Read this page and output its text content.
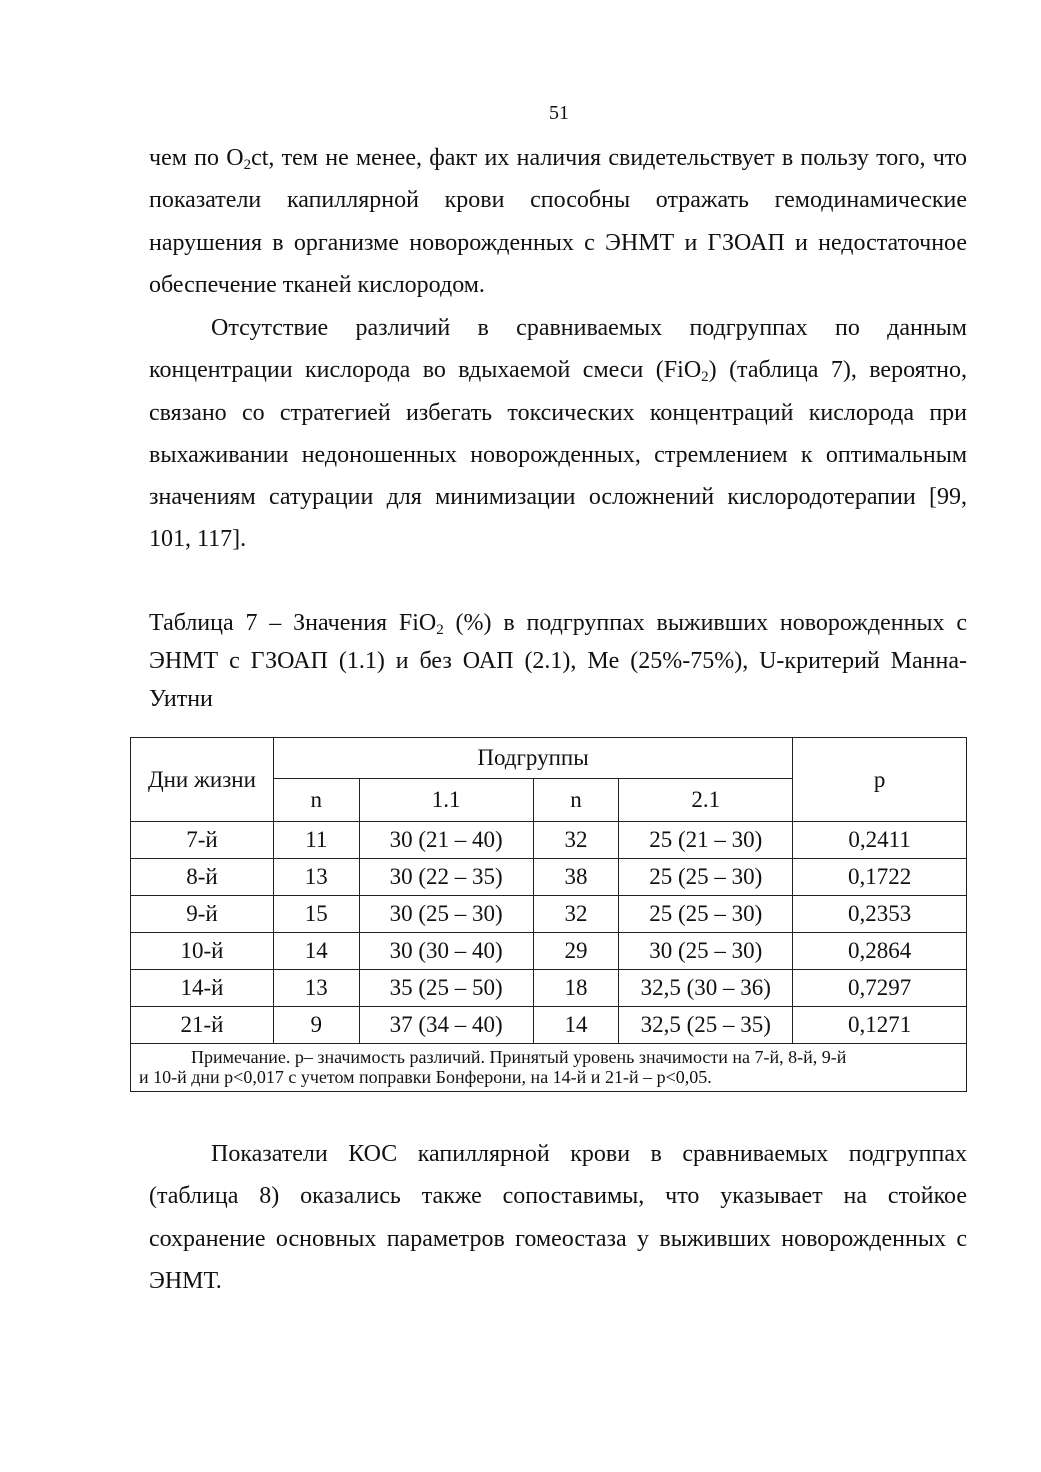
51

чем по $O_2ct$, тем не менее, факт их наличия свидетельствует в пользу того, что показатели капиллярной крови способны отражать гемодинамические нарушения в организме новорожденных с ЭНМТ и ГЗОАП и недостаточное обеспечение тканей кислородом.

Отсутствие различий в сравниваемых подгруппах по данным концентрации кислорода во вдыхаемой смеси (FiO$_2$) (таблица 7), вероятно, связано со стратегией избегать токсических концентраций кислорода при выхаживании недоношенных новорожденных, стремлением к оптимальным значениям сатурации для минимизации осложнений кислородотерапии [99, 101, 117].

Таблица 7 – Значения FiO$_2$ (%) в подгруппах выживших новорожденных с ЭНМТ с ГЗОАП (1.1) и без ОАП (2.1), Me (25%-75%), U-критерий Манна-Уитни

Дни жизни	Подгруппы				p
	n	1.1	n	2.1	
7-й	11	30 (21 – 40)	32	25 (21 – 30)	0,2411
8-й	13	30 (22 – 35)	38	25 (25 – 30)	0,1722
9-й	15	30 (25 – 30)	32	25 (25 – 30)	0,2353
10-й	14	30 (30 – 40)	29	30 (25 – 30)	0,2864
14-й	13	35 (25 – 50)	18	32,5 (30 – 36)	0,7297
21-й	9	37 (34 – 40)	14	32,5 (25 – 35)	0,1271

Примечание. р– значимость различий. Принятый уровень значимости на 7-й, 8-й, 9-й
и 10-й дни р<0,017 с учетом поправки Бонферони, на 14-й и 21-й – р<0,05.					

Показатели КОС капиллярной крови в сравниваемых подгруппах (таблица 8) оказались также сопоставимы, что указывает на стойкое сохранение основных параметров гомеостаза у выживших новорожденных с ЭНМТ.
